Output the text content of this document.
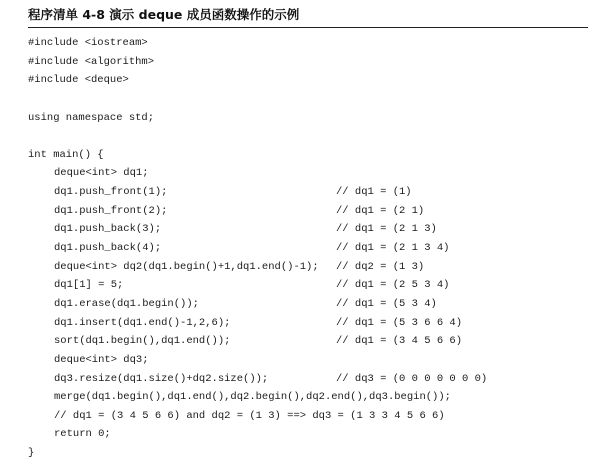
程序清单 4-8 演示 deque 成员函数操作的示例
#include <iostream>
#include <algorithm>
#include <deque>
using namespace std;
int main() {
deque<int> dq1;
dq1.push_front(1);	// dq1 = (1)
dq1.push_front(2);	// dq1 = (2 1)
dq1.push_back(3);	// dq1 = (2 1 3)
dq1.push_back(4);	// dq1 = (2 1 3 4)
deque<int> dq2(dq1.begin()+1,dq1.end()-1); // dq2 = (1 3)
dq1[1] = 5;	// dq1 = (2 5 3 4)
dq1.erase(dq1.begin());	// dq1 = (5 3 4)
dq1.insert(dq1.end()-1,2,6);	// dq1 = (5 3 6 6 4)
sort(dq1.begin(),dq1.end());	// dq1 = (3 4 5 6 6)
deque<int> dq3;
dq3.resize(dq1.size()+dq2.size());	// dq3 = (0 0 0 0 0 0 0)
merge(dq1.begin(),dq1.end(),dq2.begin(),dq2.end(),dq3.begin());
// dq1 = (3 4 5 6 6) and dq2 = (1 3) ==> dq3 = (1 3 3 4 5 6 6)
return 0;
}
